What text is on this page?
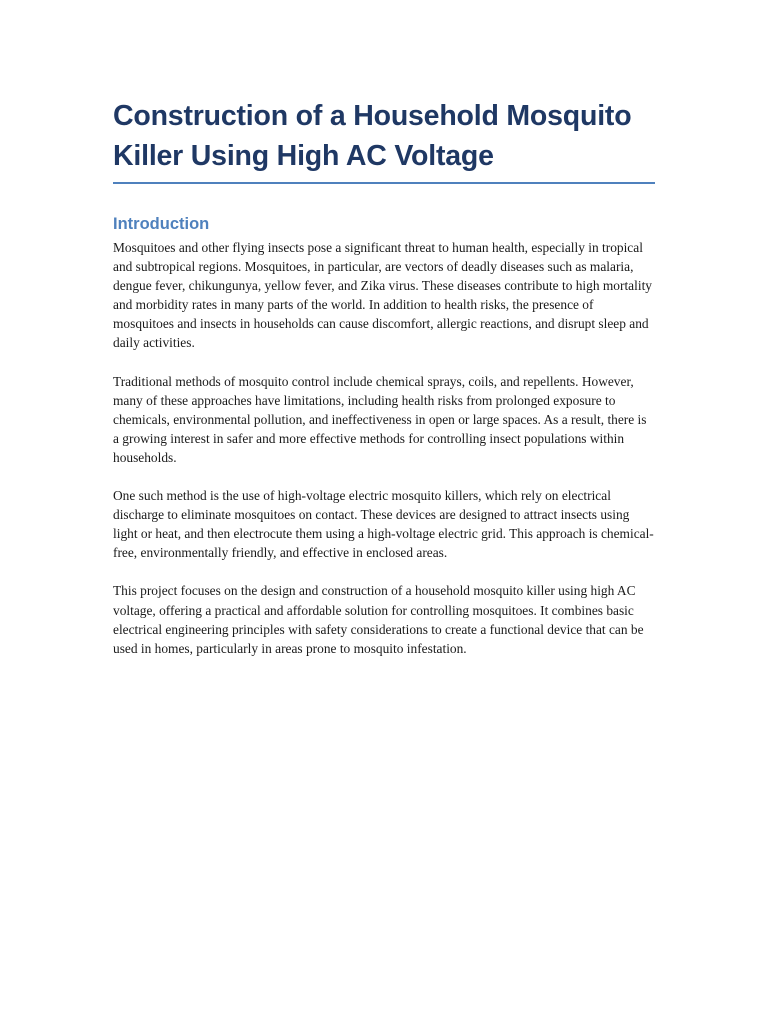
Construction of a Household Mosquito Killer Using High AC Voltage
Introduction

Mosquitoes and other flying insects pose a significant threat to human health, especially in tropical and subtropical regions. Mosquitoes, in particular, are vectors of deadly diseases such as malaria, dengue fever, chikungunya, yellow fever, and Zika virus. These diseases contribute to high mortality and morbidity rates in many parts of the world. In addition to health risks, the presence of mosquitoes and insects in households can cause discomfort, allergic reactions, and disrupt sleep and daily activities.

Traditional methods of mosquito control include chemical sprays, coils, and repellents. However, many of these approaches have limitations, including health risks from prolonged exposure to chemicals, environmental pollution, and ineffectiveness in open or large spaces. As a result, there is a growing interest in safer and more effective methods for controlling insect populations within households.

One such method is the use of high-voltage electric mosquito killers, which rely on electrical discharge to eliminate mosquitoes on contact. These devices are designed to attract insects using light or heat, and then electrocute them using a high-voltage electric grid. This approach is chemical-free, environmentally friendly, and effective in enclosed areas.

This project focuses on the design and construction of a household mosquito killer using high AC voltage, offering a practical and affordable solution for controlling mosquitoes. It combines basic electrical engineering principles with safety considerations to create a functional device that can be used in homes, particularly in areas prone to mosquito infestation.
